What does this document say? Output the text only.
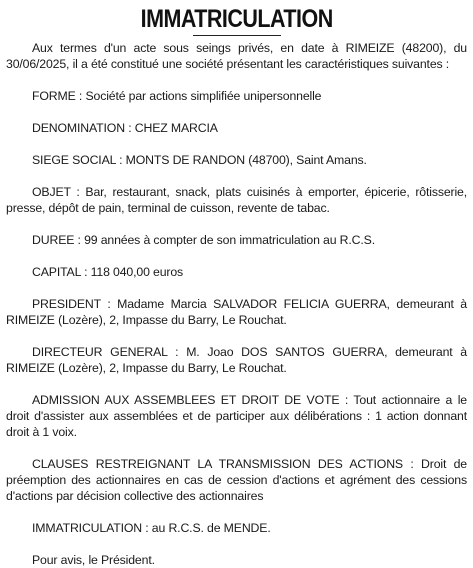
IMMATRICULATION

Aux termes d'un acte sous seings privés, en date à RIMEIZE (48200), du 30/06/2025, il a été constitué une société présentant les caractéristiques suivantes :

FORME : Société par actions simplifiée unipersonnelle

DENOMINATION : CHEZ MARCIA

SIEGE SOCIAL : MONTS DE RANDON (48700), Saint Amans.

OBJET : Bar, restaurant, snack, plats cuisinés à emporter, épicerie, rôtisserie, presse, dépôt de pain, terminal de cuisson, revente de tabac.

DUREE : 99 années à compter de son immatriculation au R.C.S.

CAPITAL : 118 040,00 euros

PRESIDENT : Madame Marcia SALVADOR FELICIA GUERRA, demeurant à RIMEIZE (Lozère), 2, Impasse du Barry, Le Rouchat.

DIRECTEUR GENERAL : M. Joao DOS SANTOS GUERRA, demeurant à RIMEIZE (Lozère), 2, Impasse du Barry, Le Rouchat.

ADMISSION AUX ASSEMBLEES ET DROIT DE VOTE : Tout actionnaire a le droit d'assister aux assemblées et de participer aux délibérations : 1 action donnant droit à 1 voix.

CLAUSES RESTREIGNANT LA TRANSMISSION DES ACTIONS : Droit de préemption des actionnaires en cas de cession d'actions et agrément des cessions d'actions par décision collective des actionnaires

IMMATRICULATION : au R.C.S. de MENDE.

Pour avis, le Président.
